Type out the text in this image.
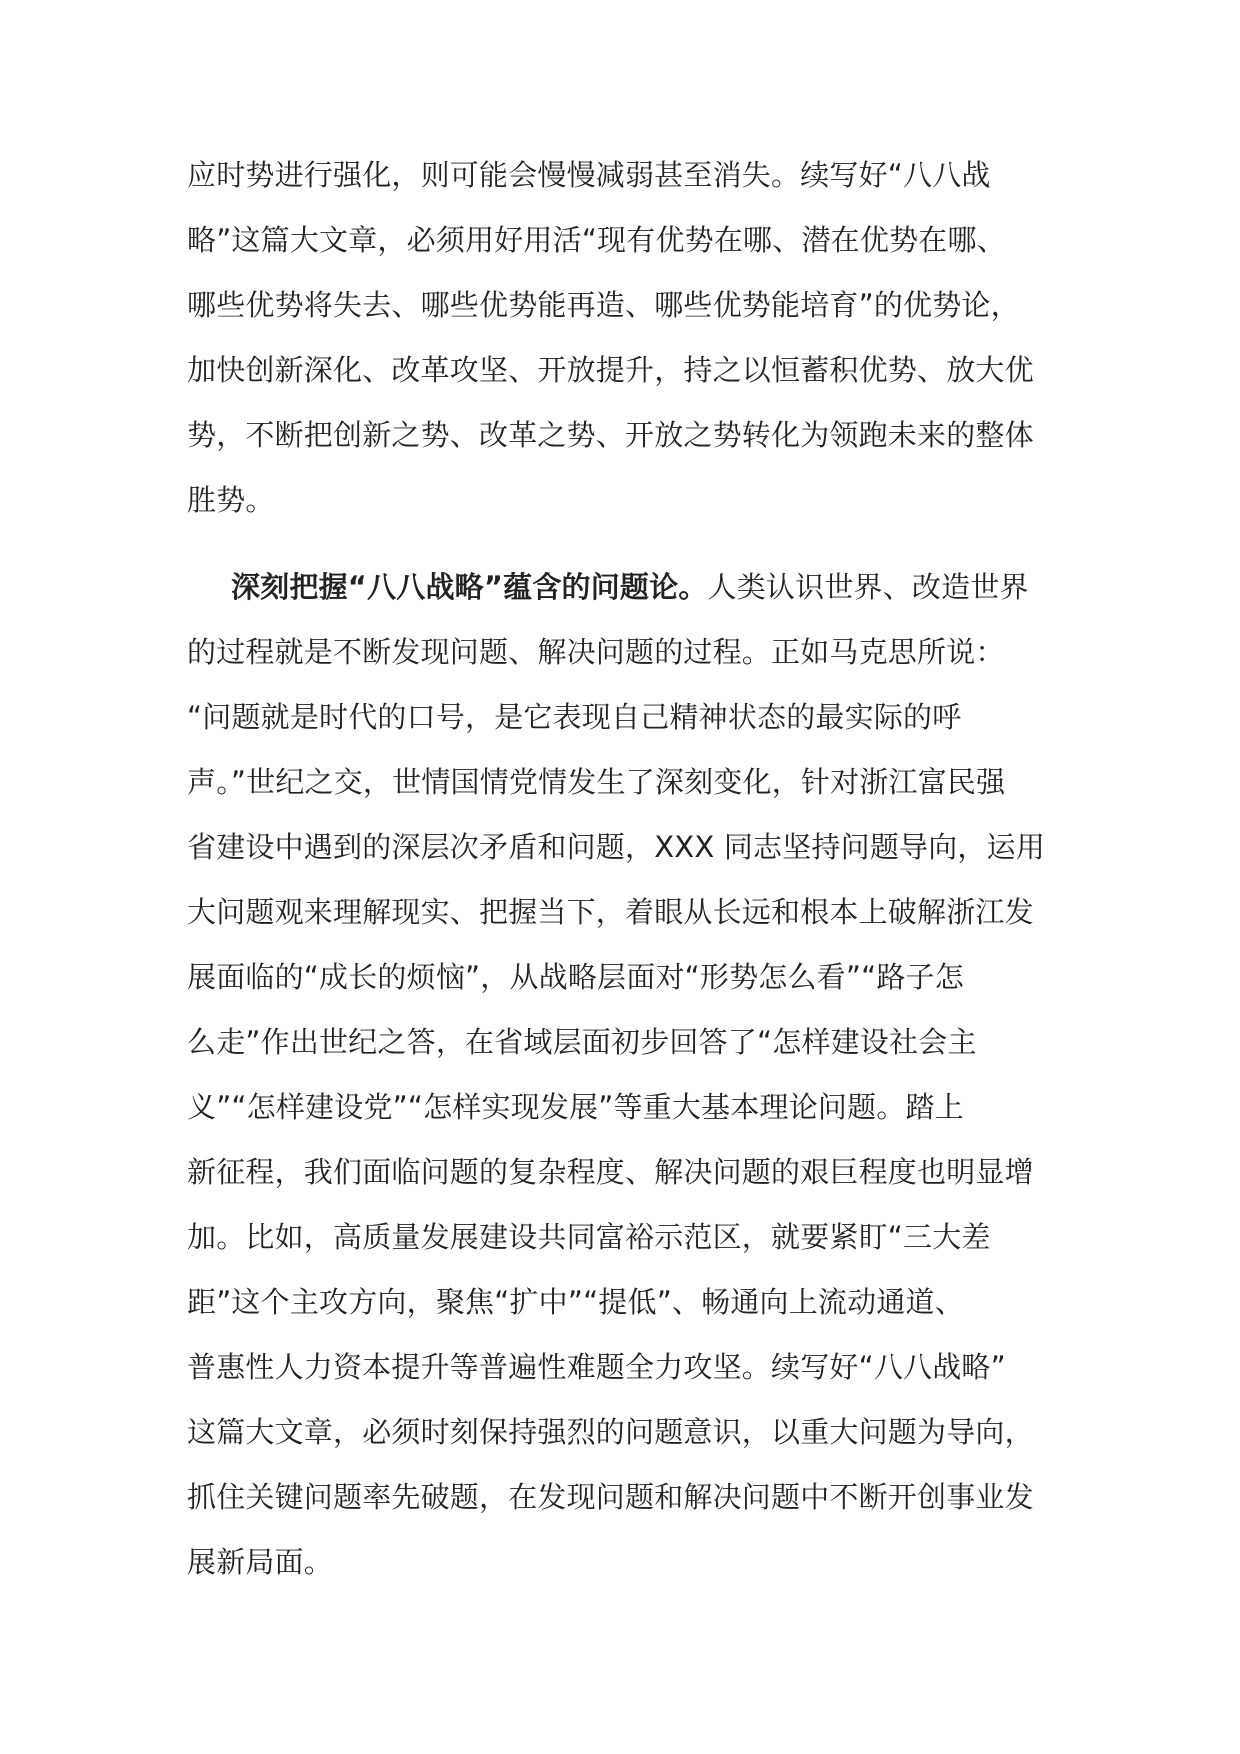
应时势进行强化，则可能会慢慢减弱甚至消失。续写好“八八战
略”这篇大文章，必须用好用活“现有优势在哪、潜在优势在哪、
哪些优势将失去、哪些优势能再造、哪些优势能培育”的优势论，
加快创新深化、改革攻坚、开放提升，持之以恒蓄积优势、放大优
势，不断把创新之势、改革之势、开放之势转化为领跑未来的整体
胜势。
深刻把握“八八战略”蕴含的问题论。人类认识世界、改造世界
的过程就是不断发现问题、解决问题的过程。正如马克思所说：
“问题就是时代的口号，是它表现自己精神状态的最实际的呼
声。”世纪之交，世情国情党情发生了深刻变化，针对浙江富民强
省建设中遇到的深层次矛盾和问题，XXX 同志坚持问题导向，运用
大问题观来理解现实、把握当下，着眼从长远和根本上破解浙江发
展面临的“成长的烦恼”，从战略层面对“形势怎么看”“路子怎
么走”作出世纪之答，在省域层面初步回答了“怎样建设社会主
义”“怎样建设党”“怎样实现发展”等重大基本理论问题。踏上
新征程，我们面临问题的复杂程度、解决问题的艰巨程度也明显增
加。比如，高质量发展建设共同富裕示范区，就要紧盯“三大差
距”这个主攻方向，聚焦“扩中”“提低”、畅通向上流动通道、
普惠性人力资本提升等普遍性难题全力攻坚。续写好“八八战略”
这篇大文章，必须时刻保持强烈的问题意识，以重大问题为导向，
抓住关键问题率先破题，在发现问题和解决问题中不断开创事业发
展新局面。
